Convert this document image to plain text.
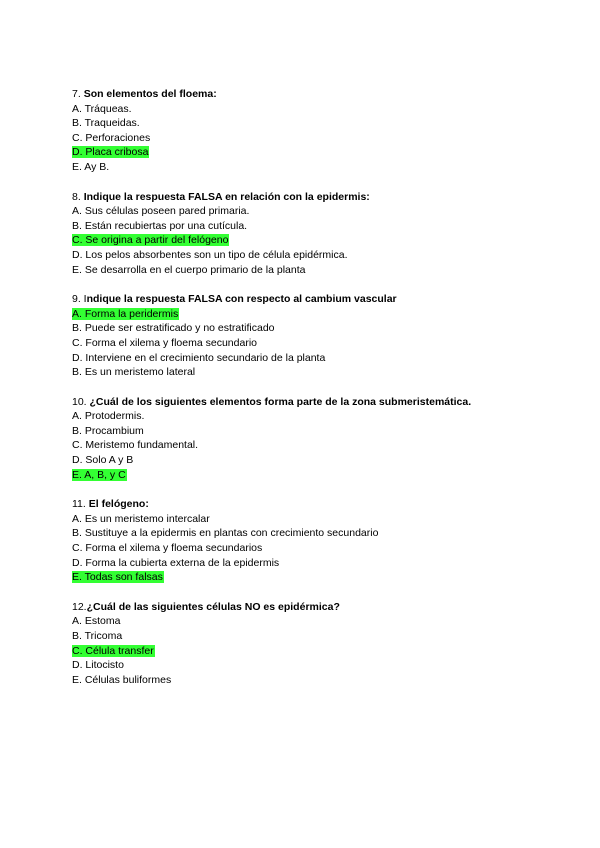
7. Son elementos del floema:
A. Tráqueas.
B. Traqueidas.
C. Perforaciones
D. Placa cribosa
E. Ay B.
8. Indique la respuesta FALSA en relación con la epidermis:
A. Sus células poseen pared primaria.
B. Están recubiertas por una cutícula.
C. Se origina a partir del felógeno
D. Los pelos absorbentes son un tipo de célula epidérmica.
E. Se desarrolla en el cuerpo primario de la planta
9. Indique la respuesta FALSA con respecto al cambium vascular
A. Forma la peridermis
B. Puede ser estratificado y no estratificado
C. Forma el xilema y floema secundario
D. Interviene en el crecimiento secundario de la planta
B. Es un meristemo lateral
10. ¿Cuál de los siguientes elementos forma parte de la zona submeristemática.
A. Protodermis.
B. Procambium
C. Meristemo fundamental.
D. Solo A y B
E. A, B, y C
11. El felógeno:
A. Es un meristemo intercalar
B. Sustituye a la epidermis en plantas con crecimiento secundario
C. Forma el xilema y floema secundarios
D. Forma la cubierta externa de la epidermis
E. Todas son falsas
12.¿Cuál de las siguientes células NO es epidérmica?
A. Estoma
B. Tricoma
C. Célula transfer
D. Litocisto
E. Células buliformes
